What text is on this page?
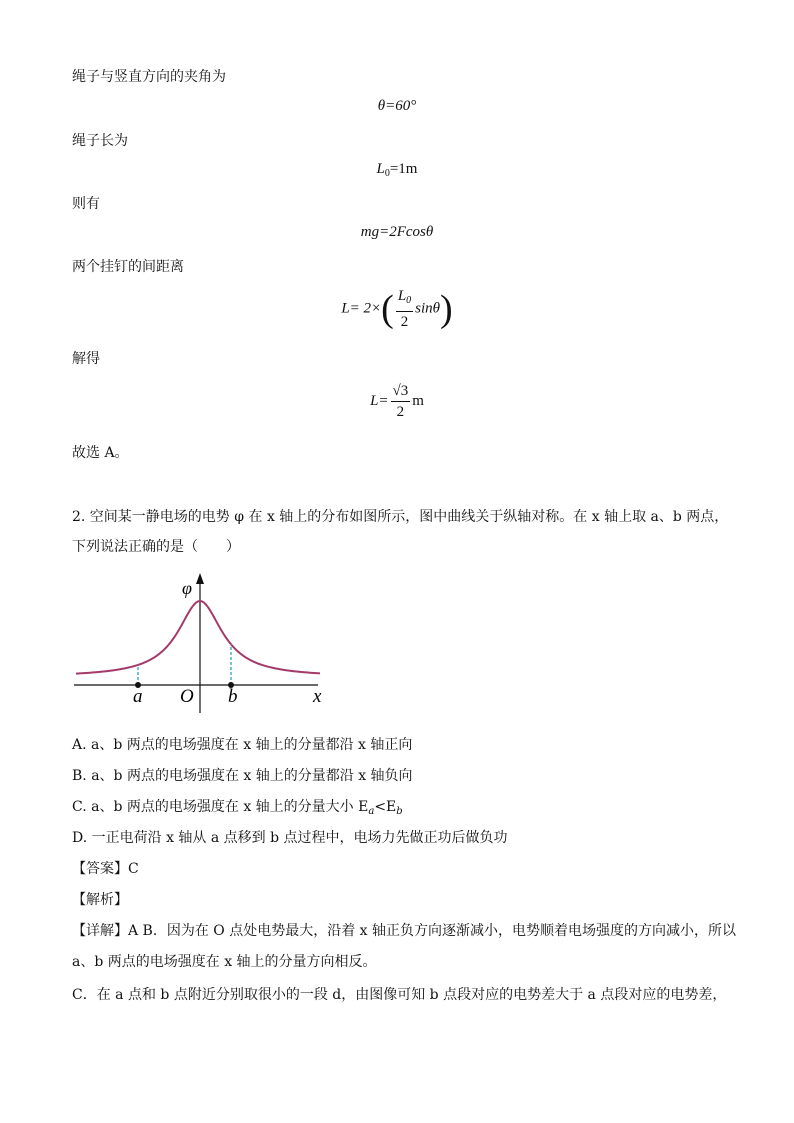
绳子与竖直方向的夹角为
θ=60°
绳子长为
$L_0=1m$
则有
mg=2Fcosθ
两个挂钉的间距离
$L= 2\times( \frac{L_0}{2} \sin\theta)$
解得
$L= \frac{√3}{2}$ m
故选 A。
2. 空间某一静电场的电势 φ 在 x 轴上的分布如图所示，图中曲线关于纵轴对称。在 x 轴上取 a、b 两点，
下列说法正确的是（　　）
φ
x
O
a	b
A. a、b 两点的电场强度在 x 轴上的分量都沿 x 轴正向
B. a、b 两点的电场强度在 x 轴上的分量都沿 x 轴负向
C. a、b 两点的电场强度在 x 轴上的分量大小 $E_a<E_b$
D. 一正电荷沿 x 轴从 a 点移到 b 点过程中，电场力先做正功后做负功
【答案】C
【解析】
【详解】A B．因为在 O 点处电势最大，沿着 x 轴正负方向逐渐减小，电势顺着电场强度的方向减小，所以
a、b 两点的电场强度在 x 轴上的分量方向相反。
C．在 a 点和 b 点附近分别取很小的一段 d，由图像可知 b 点段对应的电势差大于 a 点段对应的电势差，
